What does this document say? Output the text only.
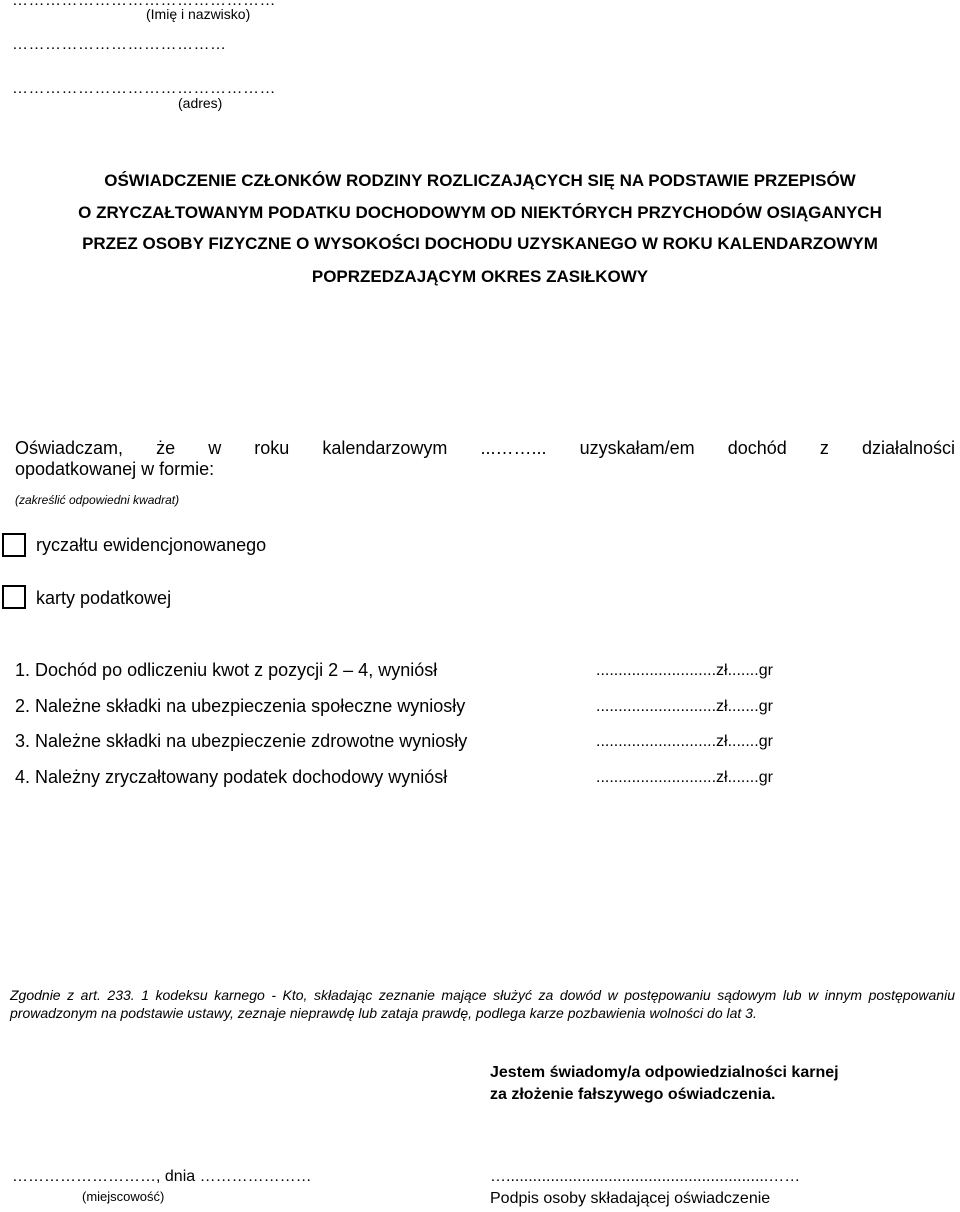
…………………………………………
(Imię i nazwisko)
…………………………………
…………………………………………
(adres)
OŚWIADCZENIE CZŁONKÓW RODZINY ROZLICZAJĄCYCH SIĘ NA PODSTAWIE PRZEPISÓW
O ZRYCZAŁTOWANYM PODATKU DOCHODOWYM OD NIEKTÓRYCH PRZYCHODÓW OSIĄGANYCH
PRZEZ OSOBY FIZYCZNE O WYSOKOŚCI DOCHODU UZYSKANEGO W ROKU KALENDARZOWYM
POPRZEDZAJĄCYM OKRES ZASIŁKOWY
Oświadczam, że w roku kalendarzowym ...……... uzyskałam/em dochód z działalności
opodatkowanej w formie:
(zakreślić odpowiedni kwadrat)
ryczałtu ewidencjonowanego
karty podatkowej
1. Dochód po odliczeniu kwot z pozycji 2 – 4, wyniósł	...........................zł.......gr
2. Należne składki na ubezpieczenia społeczne wyniosły	...........................zł.......gr
3. Należne składki na ubezpieczenie zdrowotne wyniosły	...........................zł.......gr
4. Należny zryczałtowany podatek dochodowy wyniósł	...........................zł.......gr
Zgodnie z art. 233. 1 kodeksu karnego - Kto, składając zeznanie mające służyć za dowód w postępowaniu sądowym lub w innym postępowaniu prowadzonym na podstawie ustawy, zeznaje nieprawdę lub zataja prawdę, podlega karze pozbawienia wolności do lat 3.
Jestem świadomy/a odpowiedzialności karnej
za złożenie fałszywego oświadczenia.
………………………, dnia …………………
(miejscowość)
…...........................................................……
Podpis osoby składającej oświadczenie
